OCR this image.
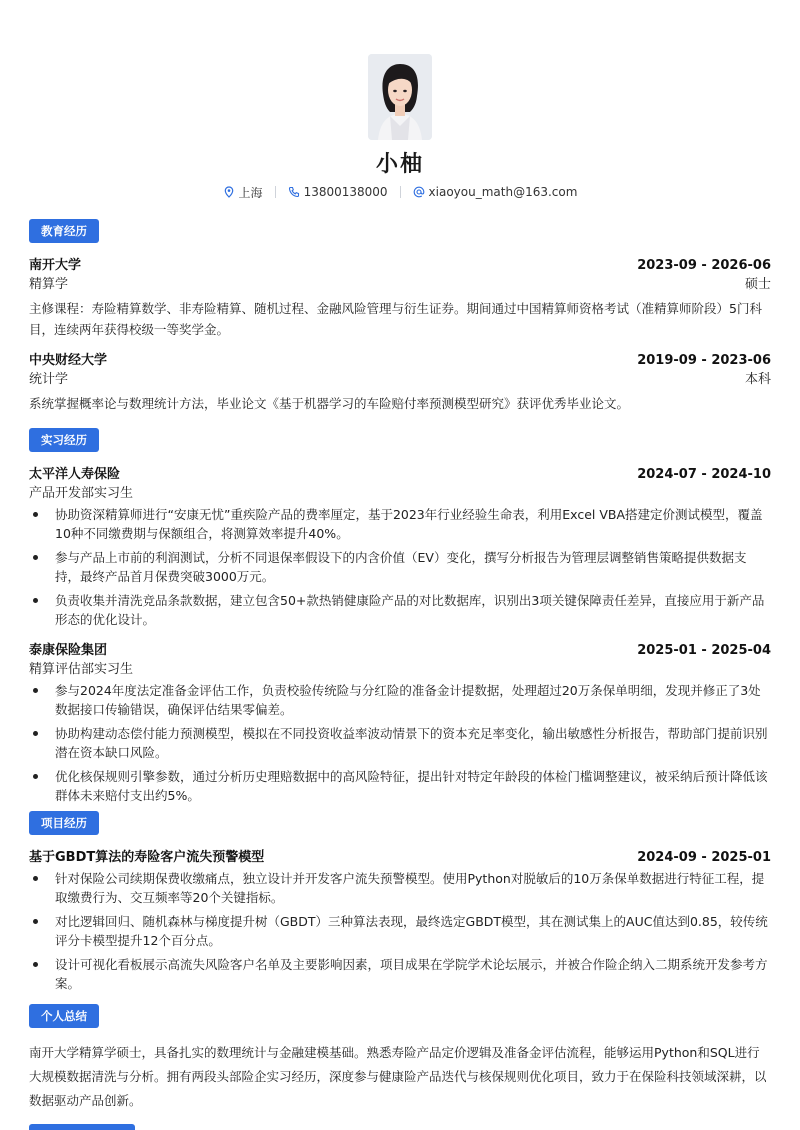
小柚
上海	13800138000	xiaoyou_math@163.com
教育经历
南开大学	2023-09 - 2026-06
精算学	硕士

主修课程：寿险精算数学、非寿险精算、随机过程、金融风险管理与衍生证券。期间通过中国精算师资格考试（准精算师阶段）5门科目，连续两年获得校级一等奖学金。

中央财经大学	2019-09 - 2023-06
统计学	本科

系统掌握概率论与数理统计方法，毕业论文《基于机器学习的车险赔付率预测模型研究》获评优秀毕业论文。

实习经历
太平洋人寿保险	2024-07 - 2024-10
产品开发部实习生
协助资深精算师进行“安康无忧”重疾险产品的费率厘定，基于2023年行业经验生命表，利用Excel VBA搭建定价测试模型，覆盖10种不同缴费期与保额组合，将测算效率提升40%。
参与产品上市前的利润测试，分析不同退保率假设下的内含价值（EV）变化，撰写分析报告为管理层调整销售策略提供数据支持，最终产品首月保费突破3000万元。
负责收集并清洗竞品条款数据，建立包含50+款热销健康险产品的对比数据库，识别出3项关键保障责任差异，直接应用于新产品形态的优化设计。
泰康保险集团	2025-01 - 2025-04
精算评估部实习生
参与2024年度法定准备金评估工作，负责校验传统险与分红险的准备金计提数据，处理超过20万条保单明细，发现并修正了3处数据接口传输错误，确保评估结果零偏差。
协助构建动态偿付能力预测模型，模拟在不同投资收益率波动情景下的资本充足率变化，输出敏感性分析报告，帮助部门提前识别潜在资本缺口风险。
优化核保规则引擎参数，通过分析历史理赔数据中的高风险特征，提出针对特定年龄段的体检门槛调整建议，被采纳后预计降低该群体未来赔付支出约5%。
项目经历
基于GBDT算法的寿险客户流失预警模型	2024-09 - 2025-01
针对保险公司续期保费收缴痛点，独立设计并开发客户流失预警模型。使用Python对脱敏后的10万条保单数据进行特征工程，提取缴费行为、交互频率等20个关键指标。
对比逻辑回归、随机森林与梯度提升树（GBDT）三种算法表现，最终选定GBDT模型，其在测试集上的AUC值达到0.85，较传统评分卡模型提升12个百分点。
设计可视化看板展示高流失风险客户名单及主要影响因素，项目成果在学院学术论坛展示，并被合作险企纳入二期系统开发参考方案。
个人总结

南开大学精算学硕士，具备扎实的数理统计与金融建模基础。熟悉寿险产品定价逻辑及准备金评估流程，能够运用Python和SQL进行大规模数据清洗与分析。拥有两段头部险企实习经历，深度参与健康险产品迭代与核保规则优化项目，致力于在保险科技领域深耕，以数据驱动产品创新。
